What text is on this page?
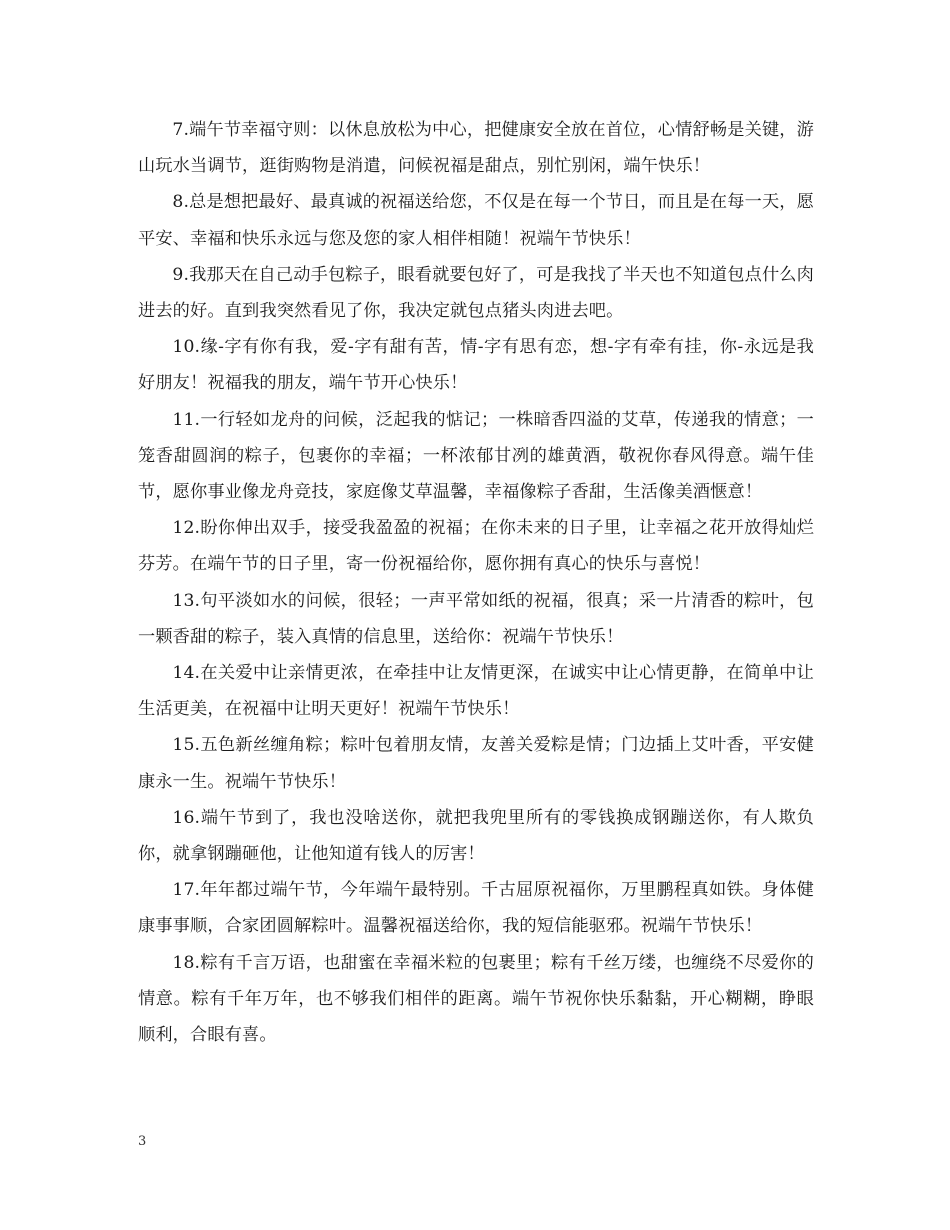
7.端午节幸福守则：以休息放松为中心，把健康安全放在首位，心情舒畅是关键，游山玩水当调节，逛街购物是消遣，问候祝福是甜点，别忙别闲，端午快乐！

8.总是想把最好、最真诚的祝福送给您，不仅是在每一个节日，而且是在每一天，愿平安、幸福和快乐永远与您及您的家人相伴相随！祝端午节快乐！

9.我那天在自己动手包粽子，眼看就要包好了，可是我找了半天也不知道包点什么肉进去的好。直到我突然看见了你，我决定就包点猪头肉进去吧。

10.缘-字有你有我，爱-字有甜有苦，情-字有思有恋，想-字有牵有挂，你-永远是我好朋友！祝福我的朋友，端午节开心快乐！

11.一行轻如龙舟的问候，泛起我的惦记；一株暗香四溢的艾草，传递我的情意；一笼香甜圆润的粽子，包裹你的幸福；一杯浓郁甘冽的雄黄酒，敬祝你春风得意。端午佳节，愿你事业像龙舟竞技，家庭像艾草温馨，幸福像粽子香甜，生活像美酒惬意！

12.盼你伸出双手，接受我盈盈的祝福；在你未来的日子里，让幸福之花开放得灿烂芬芳。在端午节的日子里，寄一份祝福给你，愿你拥有真心的快乐与喜悦！

13.句平淡如水的问候，很轻；一声平常如纸的祝福，很真；采一片清香的粽叶，包一颗香甜的粽子，装入真情的信息里，送给你：祝端午节快乐！

14.在关爱中让亲情更浓，在牵挂中让友情更深，在诚实中让心情更静，在简单中让生活更美，在祝福中让明天更好！祝端午节快乐！

15.五色新丝缠角粽；粽叶包着朋友情，友善关爱粽是情；门边插上艾叶香，平安健康永一生。祝端午节快乐！

16.端午节到了，我也没啥送你，就把我兜里所有的零钱换成钢蹦送你，有人欺负你，就拿钢蹦砸他，让他知道有钱人的厉害！

17.年年都过端午节，今年端午最特别。千古屈原祝福你，万里鹏程真如铁。身体健康事事顺，合家团圆解粽叶。温馨祝福送给你，我的短信能驱邪。祝端午节快乐！

18.粽有千言万语，也甜蜜在幸福米粒的包裹里；粽有千丝万缕，也缠绕不尽爱你的情意。粽有千年万年，也不够我们相伴的距离。端午节祝你快乐黏黏，开心糊糊，睁眼顺利，合眼有喜。

3
